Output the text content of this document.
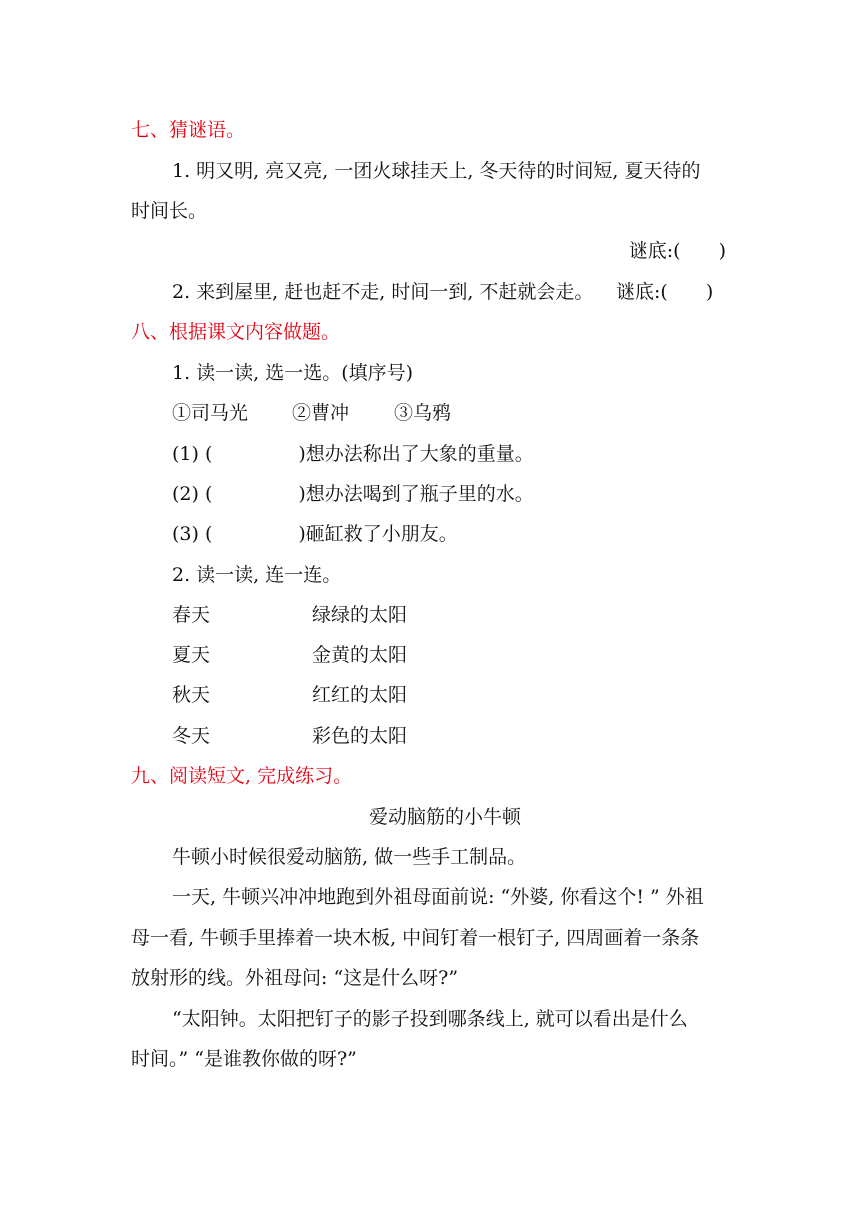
七、猜谜语。
1. 明又明, 亮又亮, 一团火球挂天上, 冬天待的时间短, 夏天待的
时间长。
谜底:(　　)
2. 来到屋里, 赶也赶不走, 时间一到, 不赶就会走。 谜底:(　　)
八、根据课文内容做题。
1. 读一读, 选一选。(填序号)
①司马光 ②曹冲 ③乌鸦
(1) (	)想办法称出了大象的重量。
(2) (	)想办法喝到了瓶子里的水。
(3) (	)砸缸救了小朋友。
2. 读一读, 连一连。
春天	绿绿的太阳
夏天	金黄的太阳
秋天	红红的太阳
冬天	彩色的太阳
九、阅读短文, 完成练习。
爱动脑筋的小牛顿
牛顿小时候很爱动脑筋, 做一些手工制品。
一天, 牛顿兴冲冲地跑到外祖母面前说: “外婆, 你看这个! ” 外祖
母一看, 牛顿手里捧着一块木板, 中间钉着一根钉子, 四周画着一条条
放射形的线。外祖母问: “这是什么呀?”
“太阳钟。太阳把钉子的影子投到哪条线上, 就可以看出是什么
时间。” “是谁教你做的呀?”
